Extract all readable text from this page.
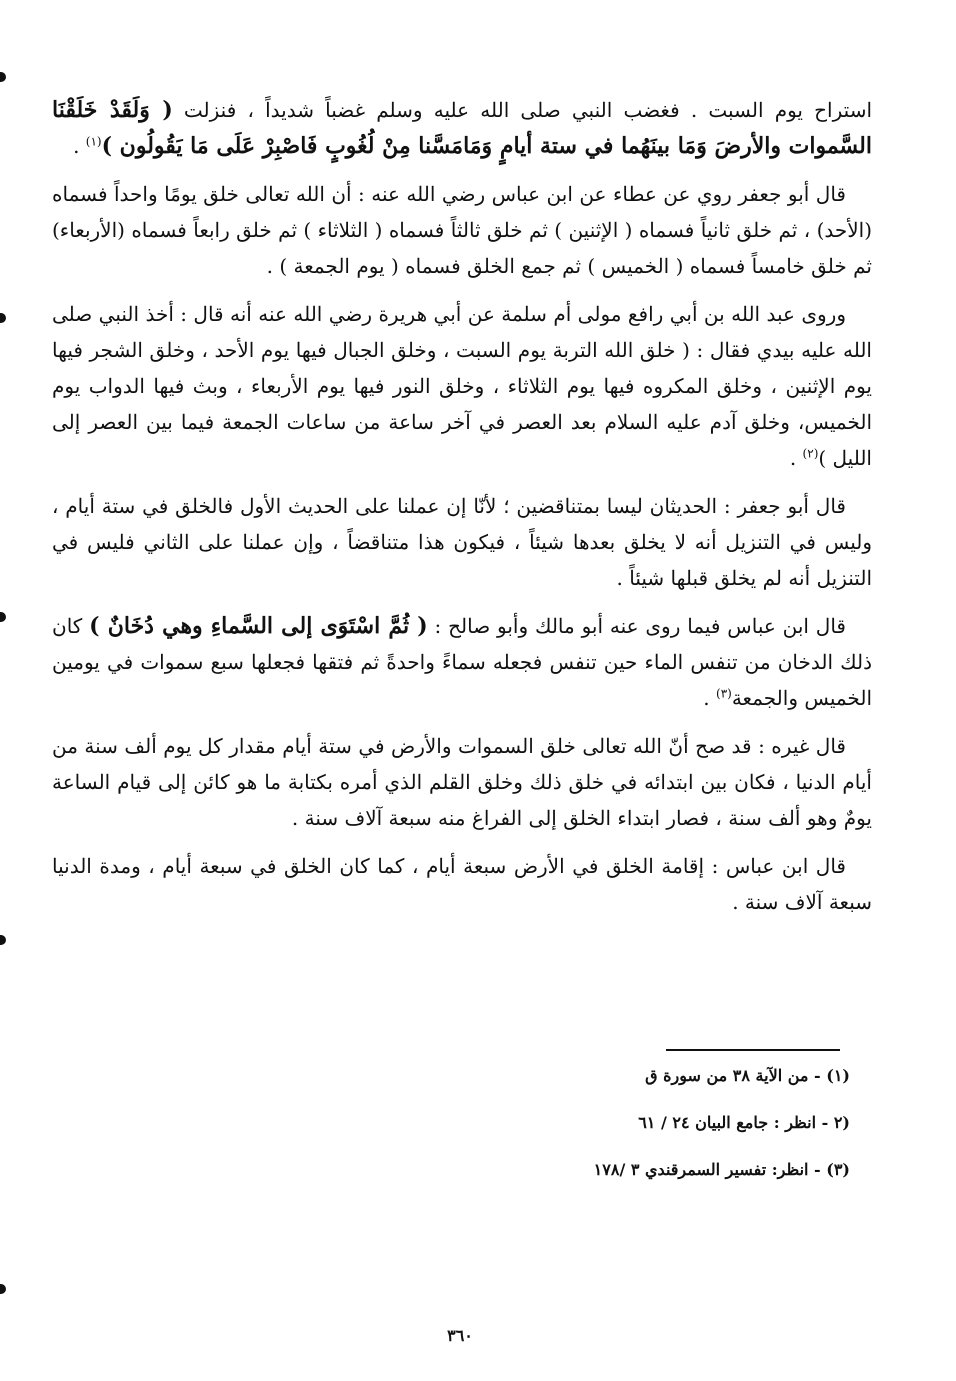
استراح يوم السبت . فغضب النبي صلى الله عليه وسلم غضباً شديداً ، فنزلت ( وَلَقَدْ خَلَقْنَا السَّموات والأرضَ وَمَا بينَهُما في ستة أيامٍ وَمَامَسَّنا مِنْ لُغُوبٍ فَاصْبِرْ عَلَى مَا يَقُولُون )$^{(١)}$ .

قال أبو جعفر روي عن عطاء عن ابن عباس رضي الله عنه : أن الله تعالى خلق يومًا واحداً فسماه (الأحد) ، ثم خلق ثانياً فسماه ( الإثنين ) ثم خلق ثالثاً فسماه ( الثلاثاء ) ثم خلق رابعاً فسماه (الأربعاء) ثم خلق خامساً فسماه ( الخميس ) ثم جمع الخلق فسماه ( يوم الجمعة ) .

وروى عبد الله بن أبي رافع مولى أم سلمة عن أبي هريرة رضي الله عنه أنه قال : أخذ النبي صلى الله عليه بيدي فقال : ( خلق الله التربة يوم السبت ، وخلق الجبال فيها يوم الأحد ، وخلق الشجر فيها يوم الإثنين ، وخلق المكروه فيها يوم الثلاثاء ، وخلق النور فيها يوم الأربعاء ، وبث فيها الدواب يوم الخميس، وخلق آدم عليه السلام بعد العصر في آخر ساعة من ساعات الجمعة فيما بين العصر إلى الليل )$^{(٢)}$ .

قال أبو جعفر : الحديثان ليسا بمتناقضين ؛ لأنّا إن عملنا على الحديث الأول فالخلق في ستة أيام ، وليس في التنزيل أنه لا يخلق بعدها شيئاً ، فيكون هذا متناقضاً ، وإن عملنا على الثاني فليس في التنزيل أنه لم يخلق قبلها شيئاً .

قال ابن عباس فيما روى عنه أبو مالك وأبو صالح : ( ثُمَّ اسْتَوَى إلى السَّماءِ وهي دُخَانٌ ) كان ذلك الدخان من تنفس الماء حين تنفس فجعله سماءً واحدةً ثم فتقها فجعلها سبع سموات في يومين الخميس والجمعة$^{(٣)}$ .

قال غيره : قد صح أنّ الله تعالى خلق السموات والأرض في ستة أيام مقدار كل يوم ألف سنة من أيام الدنيا ، فكان بين ابتدائه في خلق ذلك وخلق القلم الذي أمره بكتابة ما هو كائن إلى قيام الساعة يومٌ وهو ألف سنة ، فصار ابتداء الخلق إلى الفراغ منه سبعة آلاف سنة .

قال ابن عباس : إقامة الخلق في الأرض سبعة أيام ، كما كان الخلق في سبعة أيام ، ومدة الدنيا سبعة آلاف سنة .

(١) - من الآية ٣٨ من سورة ق

(٢ - انظر : جامع البيان ٢٤ / ٦١

(٣) - انظر: تفسير السمرقندي ٣ /١٧٨

٣٦٠
